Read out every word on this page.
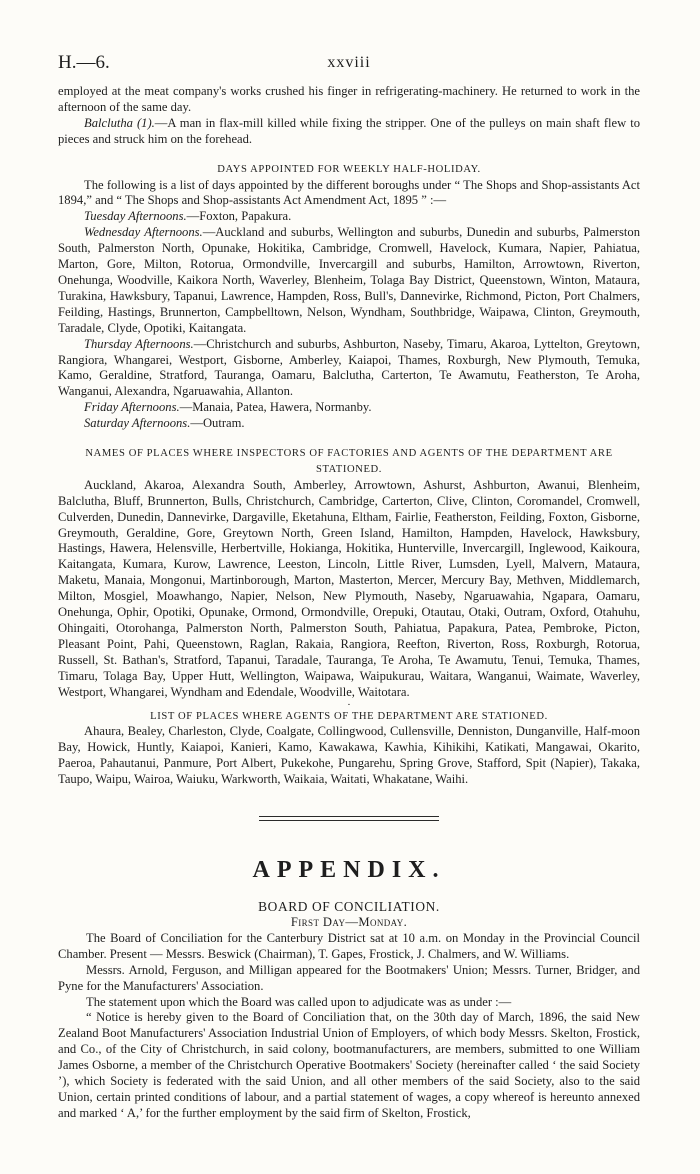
H.—6.	xxviii

employed at the meat company's works crushed his finger in refrigerating-machinery. He returned to work in the afternoon of the same day.

Balclutha (1).—A man in flax-mill killed while fixing the stripper. One of the pulleys on main shaft flew to pieces and struck him on the forehead.

DAYS APPOINTED FOR WEEKLY HALF-HOLIDAY.

The following is a list of days appointed by the different boroughs under “ The Shops and Shop-assistants Act 1894,” and “ The Shops and Shop-assistants Act Amendment Act, 1895 ” :—

Tuesday Afternoons.—Foxton, Papakura.

Wednesday Afternoons.—Auckland and suburbs, Wellington and suburbs, Dunedin and suburbs, Palmerston South, Palmerston North, Opunake, Hokitika, Cambridge, Cromwell, Havelock, Kumara, Napier, Pahiatua, Marton, Gore, Milton, Rotorua, Ormondville, Invercargill and suburbs, Hamilton, Arrowtown, Riverton, Onehunga, Woodville, Kaikora North, Waverley, Blenheim, Tolaga Bay District, Queenstown, Winton, Mataura, Turakina, Hawksbury, Tapanui, Lawrence, Hampden, Ross, Bull's, Dannevirke, Richmond, Picton, Port Chalmers, Feilding, Hastings, Brunnerton, Campbelltown, Nelson, Wyndham, Southbridge, Waipawa, Clinton, Greymouth, Taradale, Clyde, Opotiki, Kaitangata.

Thursday Afternoons.—Christchurch and suburbs, Ashburton, Naseby, Timaru, Akaroa, Lyttelton, Greytown, Rangiora, Whangarei, Westport, Gisborne, Amberley, Kaiapoi, Thames, Roxburgh, New Plymouth, Temuka, Kamo, Geraldine, Stratford, Tauranga, Oamaru, Balclutha, Carterton, Te Awamutu, Featherston, Te Aroha, Wanganui, Alexandra, Ngaruawahia, Allanton.

Friday Afternoons.—Manaia, Patea, Hawera, Normanby.

Saturday Afternoons.—Outram.

NAMES OF PLACES WHERE INSPECTORS OF FACTORIES AND AGENTS OF THE DEPARTMENT ARE STATIONED.

Auckland, Akaroa, Alexandra South, Amberley, Arrowtown, Ashurst, Ashburton, Awanui, Blenheim, Balclutha, Bluff, Brunnerton, Bulls, Christchurch, Cambridge, Carterton, Clive, Clinton, Coromandel, Cromwell, Culverden, Dunedin, Dannevirke, Dargaville, Eketahuna, Eltham, Fairlie, Featherston, Feilding, Foxton, Gisborne, Greymouth, Geraldine, Gore, Greytown North, Green Island, Hamilton, Hampden, Havelock, Hawksbury, Hastings, Hawera, Helensville, Herbertville, Hokianga, Hokitika, Hunterville, Invercargill, Inglewood, Kaikoura, Kaitangata, Kumara, Kurow, Lawrence, Leeston, Lincoln, Little River, Lumsden, Lyell, Malvern, Mataura, Maketu, Manaia, Mongonui, Martinborough, Marton, Masterton, Mercer, Mercury Bay, Methven, Middlemarch, Milton, Mosgiel, Moawhango, Napier, Nelson, New Plymouth, Naseby, Ngaruawahia, Ngapara, Oamaru, Onehunga, Ophir, Opotiki, Opunake, Ormond, Ormondville, Orepuki, Otautau, Otaki, Outram, Oxford, Otahuhu, Ohingaiti, Otorohanga, Palmerston North, Palmerston South, Pahiatua, Papakura, Patea, Pembroke, Picton, Pleasant Point, Pahi, Queenstown, Raglan, Rakaia, Rangiora, Reefton, Riverton, Ross, Roxburgh, Rotorua, Russell, St. Bathan's, Stratford, Tapanui, Taradale, Tauranga, Te Aroha, Te Awamutu, Tenui, Temuka, Thames, Timaru, Tolaga Bay, Upper Hutt, Wellington, Waipawa, Waipukurau, Waitara, Wanganui, Waimate, Waverley, Westport, Whangarei, Wyndham and Edendale, Woodville, Waitotara.

·

LIST OF PLACES WHERE AGENTS OF THE DEPARTMENT ARE STATIONED.

Ahaura, Bealey, Charleston, Clyde, Coalgate, Collingwood, Cullensville, Denniston, Dunganville, Half-moon Bay, Howick, Huntly, Kaiapoi, Kanieri, Kamo, Kawakawa, Kawhia, Kihikihi, Katikati, Mangawai, Okarito, Paeroa, Pahautanui, Panmure, Port Albert, Pukekohe, Pungarehu, Spring Grove, Stafford, Spit (Napier), Takaka, Taupo, Waipu, Wairoa, Waiuku, Warkworth, Waikaia, Waitati, Whakatane, Waihi.

APPENDIX.
BOARD OF CONCILIATION.
First Day—Monday.

The Board of Conciliation for the Canterbury District sat at 10 a.m. on Monday in the Provincial Council Chamber. Present — Messrs. Beswick (Chairman), T. Gapes, Frostick, J. Chalmers, and W. Williams.

Messrs. Arnold, Ferguson, and Milligan appeared for the Bootmakers' Union; Messrs. Turner, Bridger, and Pyne for the Manufacturers' Association.

The statement upon which the Board was called upon to adjudicate was as under :—

“ Notice is hereby given to the Board of Conciliation that, on the 30th day of March, 1896, the said New Zealand Boot Manufacturers' Association Industrial Union of Employers, of which body Messrs. Skelton, Frostick, and Co., of the City of Christchurch, in said colony, bootmanufacturers, are members, submitted to one William James Osborne, a member of the Christchurch Operative Bootmakers' Society (hereinafter called ‘ the said Society ’), which Society is federated with the said Union, and all other members of the said Society, also to the said Union, certain printed conditions of labour, and a partial statement of wages, a copy whereof is hereunto annexed and marked ‘ A,’ for the further employment by the said firm of Skelton, Frostick,
